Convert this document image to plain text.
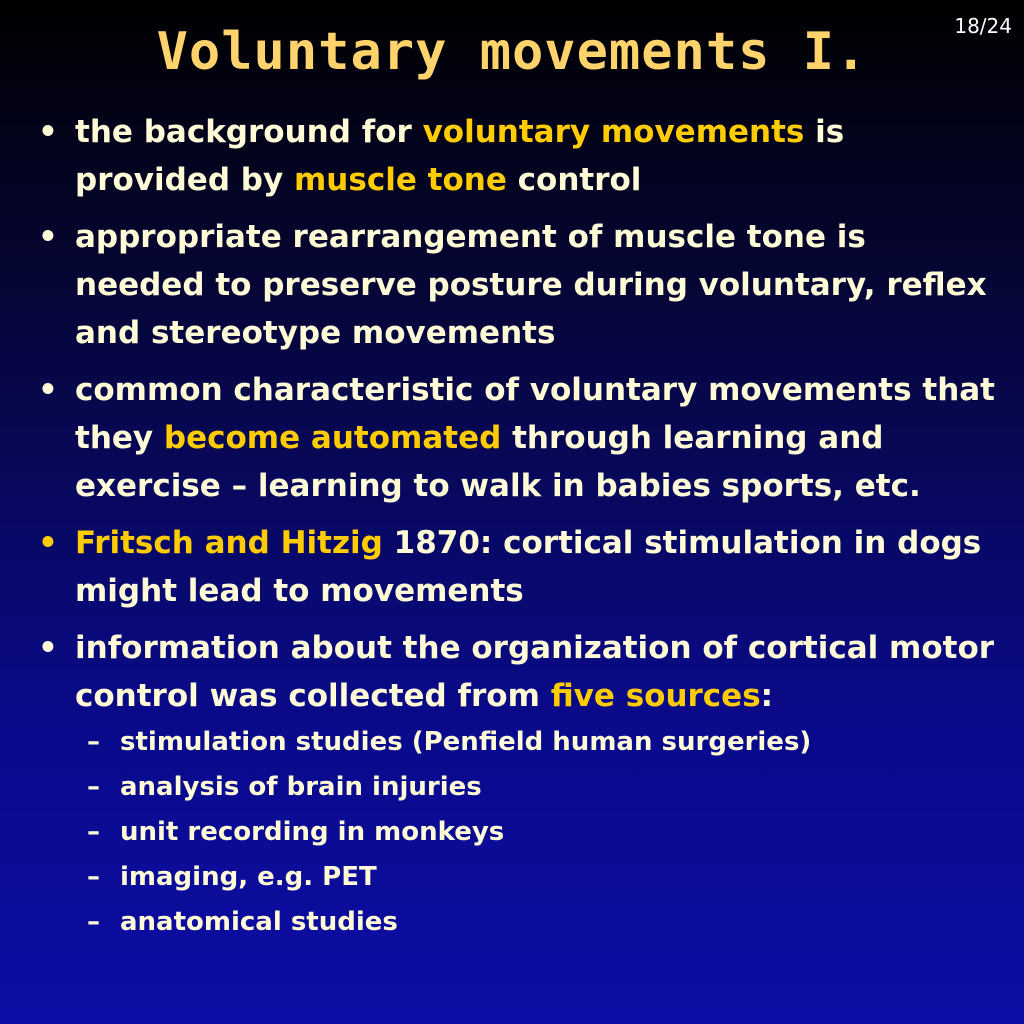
18/24
Voluntary movements I.
• the background for voluntary movements is provided by muscle tone control
• appropriate rearrangement of muscle tone is needed to preserve posture during voluntary, reflex and stereotype movements
• common characteristic of voluntary movements that they become automated through learning and exercise – learning to walk in babies sports, etc.
• Fritsch and Hitzig 1870: cortical stimulation in dogs might lead to movements
• information about the organization of cortical motor control was collected from five sources:
– stimulation studies (Penfield human surgeries)
– analysis of brain injuries
– unit recording in monkeys
– imaging, e.g. PET
– anatomical studies
